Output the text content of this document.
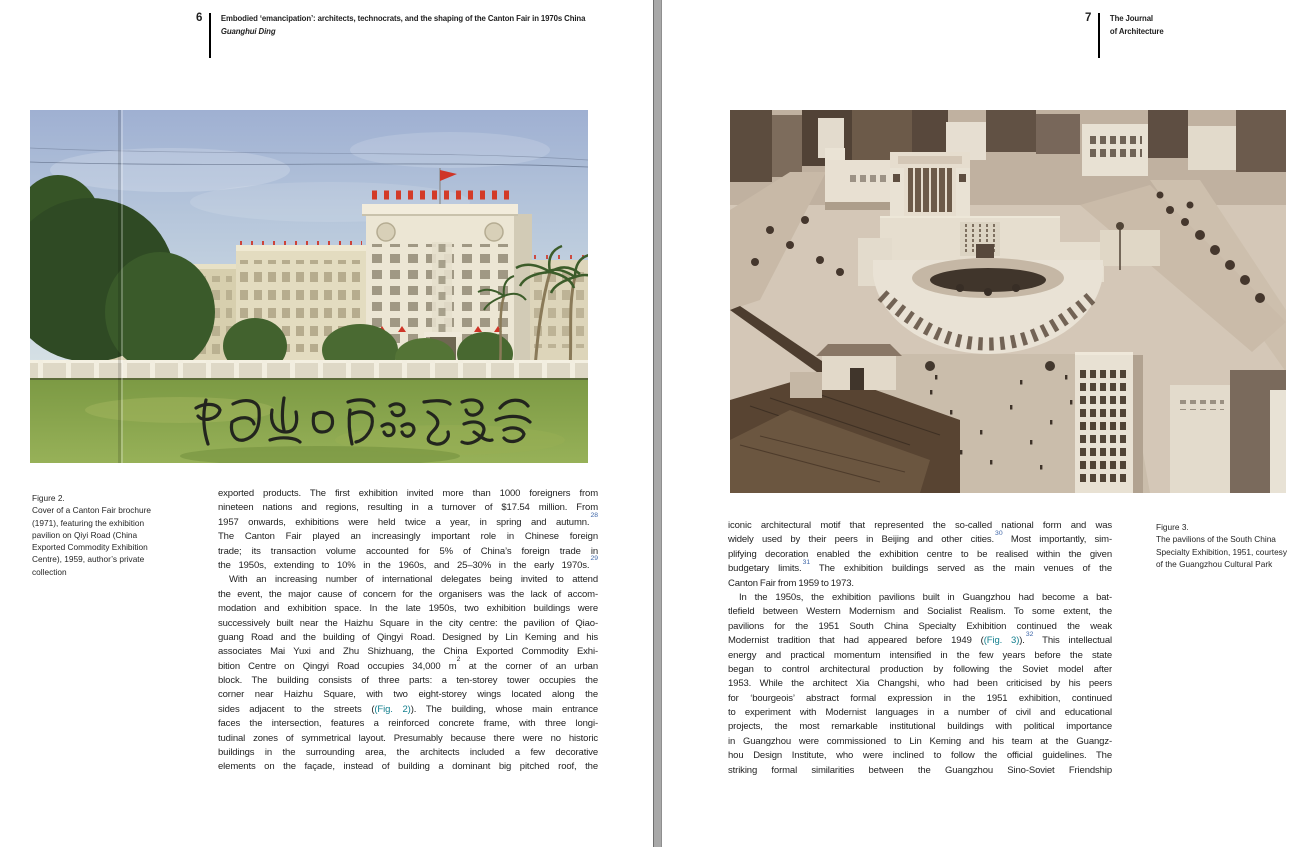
6 Embodied ‘emancipation’: architects, technocrats, and the shaping of the Canton Fair in 1970s China
Guanghui Ding
Figure 2.
Cover of a Canton Fair brochure
(1971), featuring the exhibition
pavilion on Qiyi Road (China
Exported Commodity Exhibition
Centre), 1959, author’s private
collection
exported products. The first exhibition invited more than 1000 foreigners from
nineteen nations and regions, resulting in a turnover of $17.54 million. From
1957 onwards, exhibitions were held twice a year, in spring and autumn.$^{28}$
The Canton Fair played an increasingly important role in Chinese foreign
trade; its transaction volume accounted for 5% of China’s foreign trade in
the 1950s, extending to 10% in the 1960s, and 25–30% in the early 1970s.$^{29}$
With an increasing number of international delegates being invited to attend
the event, the major cause of concern for the organisers was the lack of accom-
modation and exhibition space. In the late 1950s, two exhibition buildings were
successively built near the Haizhu Square in the city centre: the pavilion of Qiao-
guang Road and the building of Qingyi Road. Designed by Lin Keming and his
associates Mai Yuxi and Zhu Shizhuang, the China Exported Commodity Exhi-
bition Centre on Qingyi Road occupies 34,000 $m^2$ at the corner of an urban
block. The building consists of three parts: a ten-storey tower occupies the
corner near Haizhu Square, with two eight-storey wings located along the
sides adjacent to the streets ((Fig. 2)). The building, whose main entrance
faces the intersection, features a reinforced concrete frame, with three longi-
tudinal zones of symmetrical layout. Presumably because there were no historic
buildings in the surrounding area, the architects included a few decorative
elements on the façade, instead of building a dominant big pitched roof, the
7 The Journal
of Architecture
iconic architectural motif that represented the so-called national form and was
widely used by their peers in Beijing and other cities.$^{30}$ Most importantly, sim-
plifying decoration enabled the exhibition centre to be realised within the given
budgetary limits.$^{31}$ The exhibition buildings served as the main venues of the
Canton Fair from 1959 to 1973.
In the 1950s, the exhibition pavilions built in Guangzhou had become a bat-
tlefield between Western Modernism and Socialist Realism. To some extent, the
pavilions for the 1951 South China Specialty Exhibition continued the weak
Modernist tradition that had appeared before 1949 ((Fig. 3)).$^{32}$ This intellectual
energy and practical momentum intensified in the few years before the state
began to control architectural production by following the Soviet model after
1953. While the architect Xia Changshi, who had been criticised by his peers
for ‘bourgeois’ abstract formal expression in the 1951 exhibition, continued
to experiment with Modernist languages in a number of civil and educational
projects, the most remarkable institutional buildings with political importance
in Guangzhou were commissioned to Lin Keming and his team at the Guangz-
hou Design Institute, who were inclined to follow the official guidelines. The
striking formal similarities between the Guangzhou Sino-Soviet Friendship
Figure 3.
The pavilions of the South China
Specialty Exhibition, 1951, courtesy
of the Guangzhou Cultural Park
